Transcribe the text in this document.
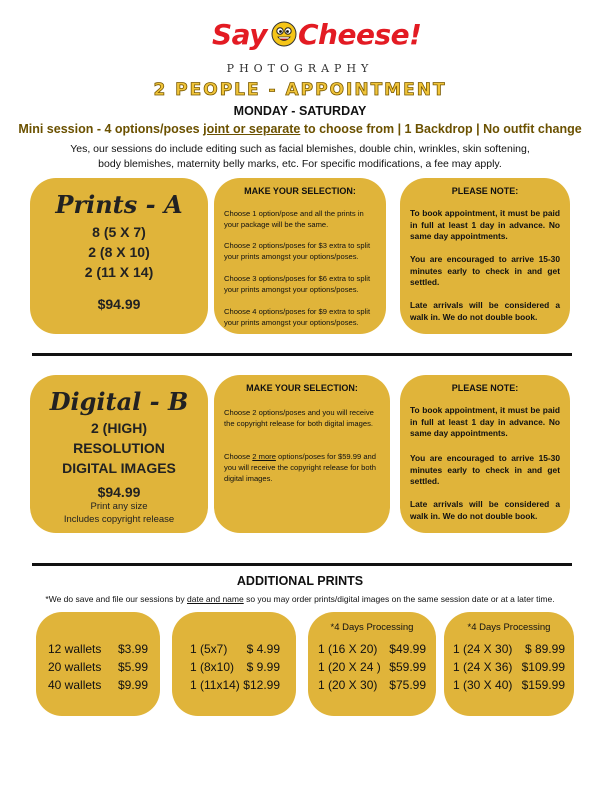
Say Cheese!
PHOTOGRAPHY
2 PEOPLE - APPOINTMENT
MONDAY - SATURDAY
Mini session - 4 options/poses joint or separate to choose from | 1 Backdrop | No outfit change
Yes, our sessions do include editing such as facial blemishes, double chin, wrinkles, skin softening, body blemishes, maternity belly marks, etc. For specific modifications, a fee may apply.
Prints - A
8 (5 X 7)
2 (8 X 10)
2 (11 X 14)
$94.99
MAKE YOUR SELECTION:
Choose 1 option/pose and all the prints in your package will be the same.
Choose 2 options/poses for $3 extra to split your prints amongst your options/poses.
Choose 3 options/poses for $6 extra to split your prints amongst your options/poses.
Choose 4 options/poses for $9 extra to split your prints amongst your options/poses.
PLEASE NOTE:
To book appointment, it must be paid in full at least 1 day in advance. No same day appointments.
You are encouraged to arrive 15-30 minutes early to check in and get settled.
Late arrivals will be considered a walk in. We do not double book.
Digital - B
2 (HIGH)
RESOLUTION
DIGITAL IMAGES
$94.99
Print any size
Includes copyright release
MAKE YOUR SELECTION:
Choose 2 options/poses and you will receive the copyright release for both digital images.
Choose 2 more options/poses for $59.99 and you will receive the copyright release for both digital images.
PLEASE NOTE:
To book appointment, it must be paid in full at least 1 day in advance. No same day appointments.
You are encouraged to arrive 15-30 minutes early to check in and get settled.
Late arrivals will be considered a walk in. We do not double book.
ADDITIONAL PRINTS
*We do save and file our sessions by date and name so you may order prints/digital images on the same session date or at a later time.
12 wallets $3.99
20 wallets $5.99
40 wallets $9.99
1 (5x7) $ 4.99
1 (8x10) $ 9.99
1 (11x14) $12.99
*4 Days Processing
1 (16 X 20) $49.99
1 (20 X 24 ) $59.99
1 (20 X 30) $75.99
*4 Days Processing
1 (24 X 30) $ 89.99
1 (24 X 36) $109.99
1 (30 X 40) $159.99
